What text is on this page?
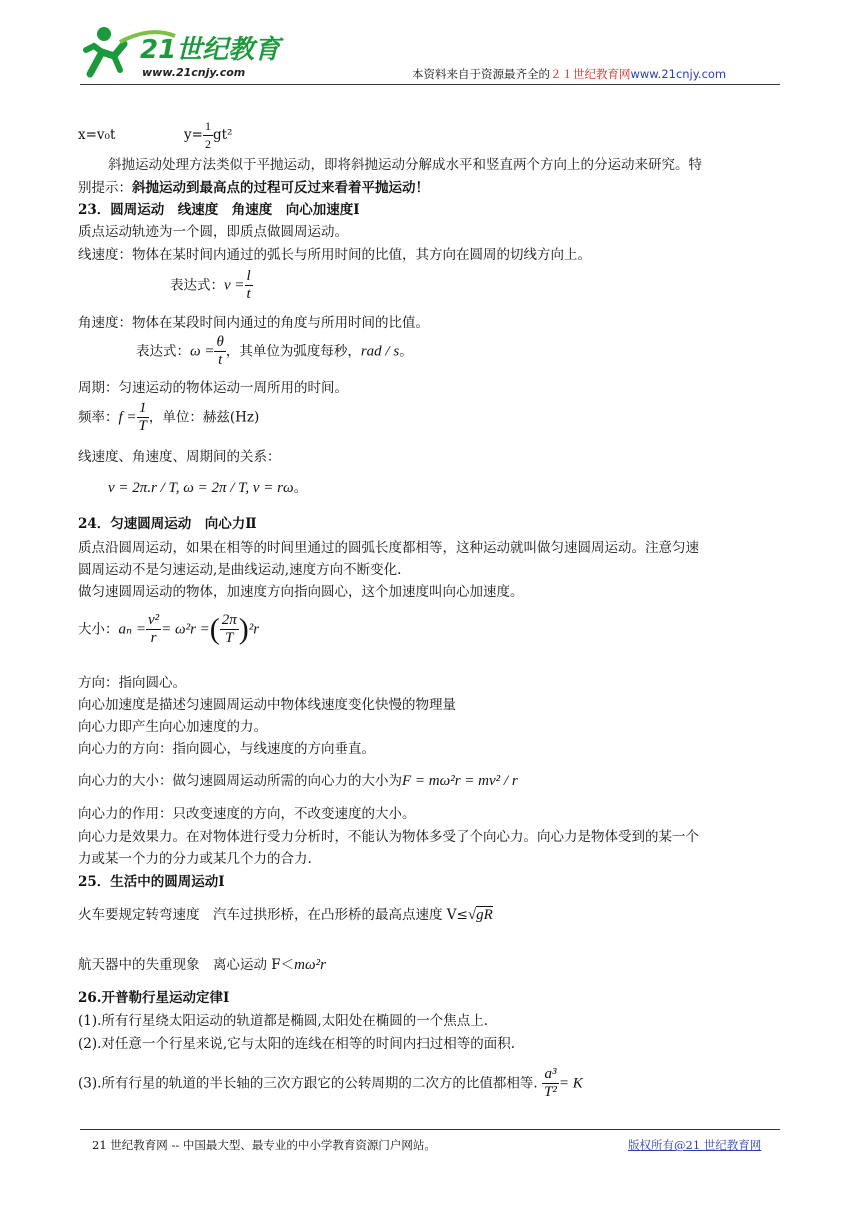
21世纪教育
www.21cnjy.com	本资料来自于资源最齐全的２１世纪教育网www.21cnjy.com
x=v₀t	$y= \frac{1}{2} gt^2$
斜抛运动处理方法类似于平抛运动，即将斜抛运动分解成水平和竖直两个方向上的分运动来研究。特
别提示：斜抛运动到最高点的过程可反过来看着平抛运动！
23．圆周运动　线速度　角速度　向心加速度Ⅰ
质点运动轨迹为一个圆，即质点做圆周运动。
线速度：物体在某时间内通过的弧长与所用时间的比值，其方向在圆周的切线方向上。
表达式：$v = \frac{l}{t}$
角速度：物体在某段时间内通过的角度与所用时间的比值。
表达式：$\omega = \frac{\theta}{t}$ ，其单位为弧度每秒，rad / s。
周期：匀速运动的物体运动一周所用的时间。
频率：$f = \frac{1}{T}$ ，单位：赫兹(Hz)
线速度、角速度、周期间的关系：
v = 2π.r / T, ω = 2π / T, v = rω。
24．匀速圆周运动　向心力Ⅱ
质点沿圆周运动，如果在相等的时间里通过的圆弧长度都相等，这种运动就叫做匀速圆周运动。注意匀速
圆周运动不是匀速运动,是曲线运动,速度方向不断变化.
做匀速圆周运动的物体，加速度方向指向圆心，这个加速度叫向心加速度。
大小：$a_n = \frac{\text{v²}}{r} = \omega^2r$ =( $\frac{2\pi}{T} )^2r$
方向：指向圆心。
向心加速度是描述匀速圆周运动中物体线速度变化快慢的物理量
向心力即产生向心加速度的力。
向心力的方向：指向圆心，与线速度的方向垂直。
向心力的大小：做匀速圆周运动所需的向心力的大小为F = mω²r = mv² / r
向心力的作用：只改变速度的方向，不改变速度的大小。
向心力是效果力。在对物体进行受力分析时，不能认为物体多受了个向心力。向心力是物体受到的某一个
力或某一个力的分力或某几个力的合力.
25．生活中的圆周运动Ⅰ
火车要规定转弯速度　汽车过拱形桥，在凸形桥的最高点速度 V≤√gR
航天器中的失重现象　离心运动 F＜mω²r
26.开普勒行星运动定律Ⅰ
(1).所有行星绕太阳运动的轨道都是椭圆,太阳处在椭圆的一个焦点上.
(2).对任意一个行星来说,它与太阳的连线在相等的时间内扫过相等的面积.
(3).所有行星的轨道的半长轴的三次方跟它的公转周期的二次方的比值都相等. $\frac{\text{a³}}{\text{T²}} = K$
21 世纪教育网 -- 中国最大型、最专业的中小学教育资源门户网站。	版权所有@21 世纪教育网
